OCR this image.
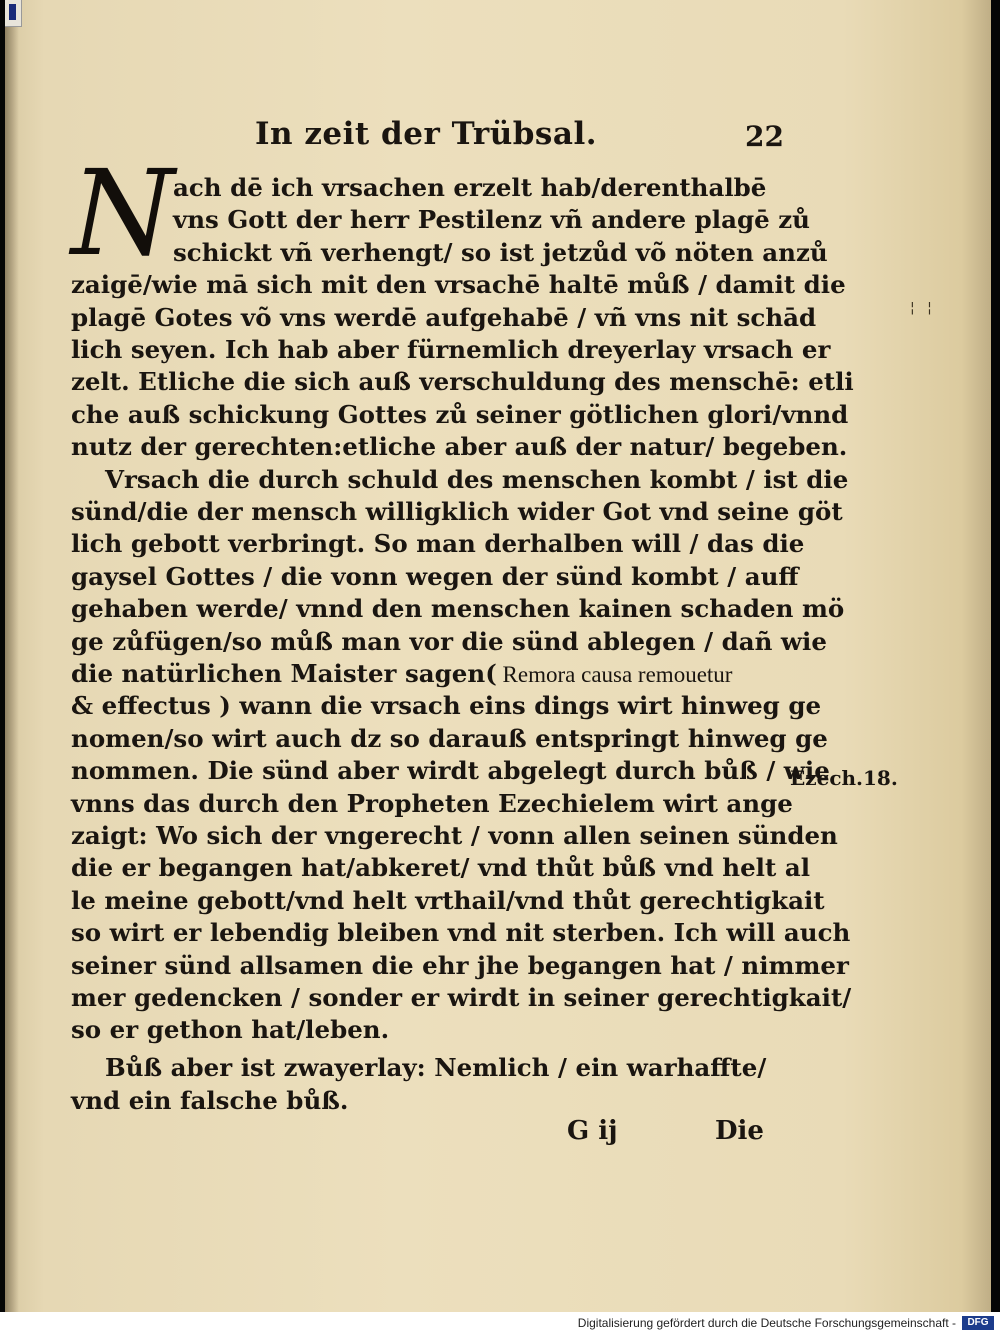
In zeit der Trübsal.	22
N
ach dē ich vrsachen erzelt hab/derenthalbē
vns Gott der herr Pestilenz vñ andere plagē zů
schickt vñ verhengt/ so ist jetzůd võ nöten anzů
zaigē/wie mā sich mit den vrsachē haltē můß / damit die
plagē Gotes võ vns werdē aufgehabē / vñ vns nit schād
lich seyen. Ich hab aber fürnemlich dreyerlay vrsach er
zelt. Etliche die sich auß verschuldung des menschē: etli
che auß schickung Gottes zů seiner götlichen glori/vnnd
nutz der gerechten:etliche aber auß der natur/ begeben.
Vrsach die durch schuld des menschen kombt / ist die
sünd/die der mensch willigklich wider Got vnd seine göt
lich gebott verbringt. So man derhalben will / das die
gaysel Gottes / die vonn wegen der sünd kombt / auff
gehaben werde/ vnnd den menschen kainen schaden mö
ge zůfügen/so můß man vor die sünd ablegen / dañ wie
die natürlichen Maister sagen( Remora causa remouetur
& effectus ) wann die vrsach eins dings wirt hinweg ge
nomen/so wirt auch dz so darauß entspringt hinweg ge
nommen. Die sünd aber wirdt abgelegt durch bůß / wie
vnns das durch den Propheten Ezechielem wirt ange
zaigt: Wo sich der vngerecht / vonn allen seinen sünden
die er begangen hat/abkeret/ vnd thůt bůß vnd helt al
le meine gebott/vnd helt vrthail/vnd thůt gerechtigkait
so wirt er lebendig bleiben vnd nit sterben. Ich will auch
seiner sünd allsamen die ehr jhe begangen hat / nimmer
mer gedencken / sonder er wirdt in seiner gerechtigkait/
so er gethon hat/leben.
Bůß aber ist zwayerlay: Nemlich / ein warhaffte/
vnd ein falsche bůß.
Ezech.18.
¦ ¦
G ij	Die
Digitalisierung gefördert durch die Deutsche Forschungsgemeinschaft -	DFG
